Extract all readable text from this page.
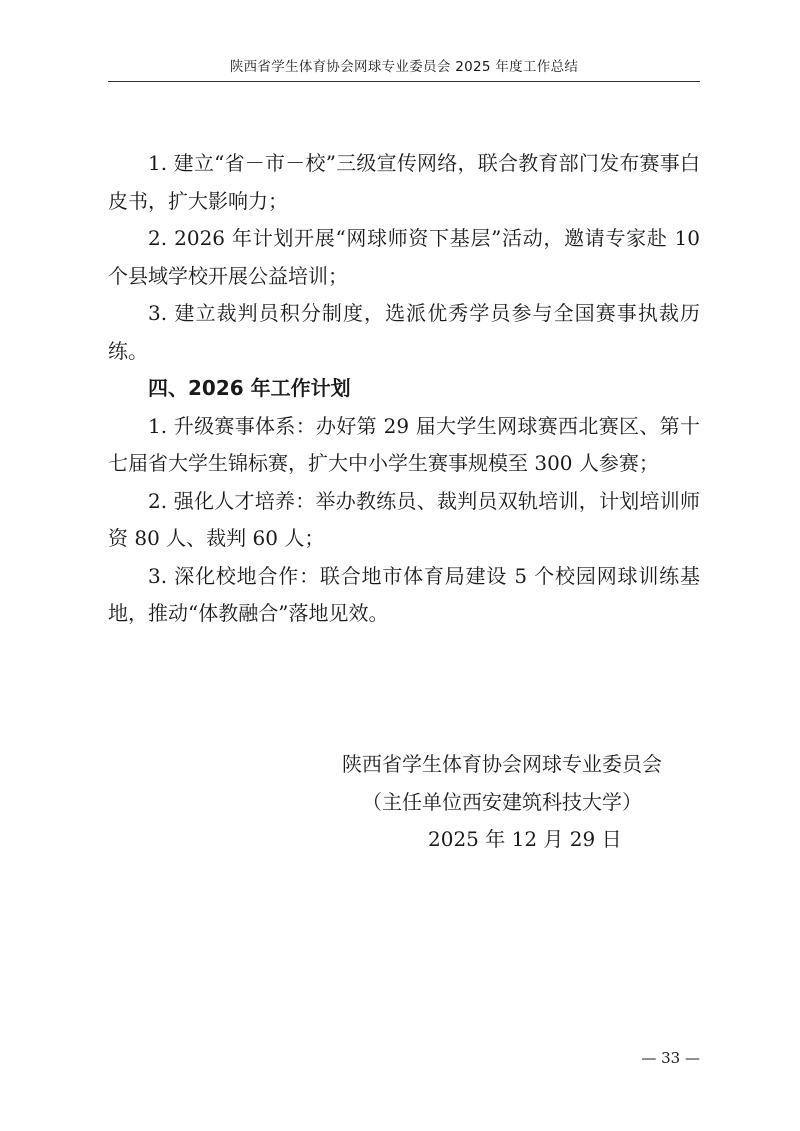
陕西省学生体育协会网球专业委员会 2025 年度工作总结

1. 建立“省－市－校”三级宣传网络，联合教育部门发布赛事白皮书，扩大影响力；

2. 2026 年计划开展“网球师资下基层”活动，邀请专家赴 10 个县域学校开展公益培训；

3. 建立裁判员积分制度，选派优秀学员参与全国赛事执裁历练。

四、2026 年工作计划

1. 升级赛事体系：办好第 29 届大学生网球赛西北赛区、第十七届省大学生锦标赛，扩大中小学生赛事规模至 300 人参赛；

2. 强化人才培养：举办教练员、裁判员双轨培训，计划培训师资 80 人、裁判 60 人；

3. 深化校地合作：联合地市体育局建设 5 个校园网球训练基地，推动“体教融合”落地见效。

陕西省学生体育协会网球专业委员会
（主任单位西安建筑科技大学）
2025 年 12 月 29 日
— 33 —
